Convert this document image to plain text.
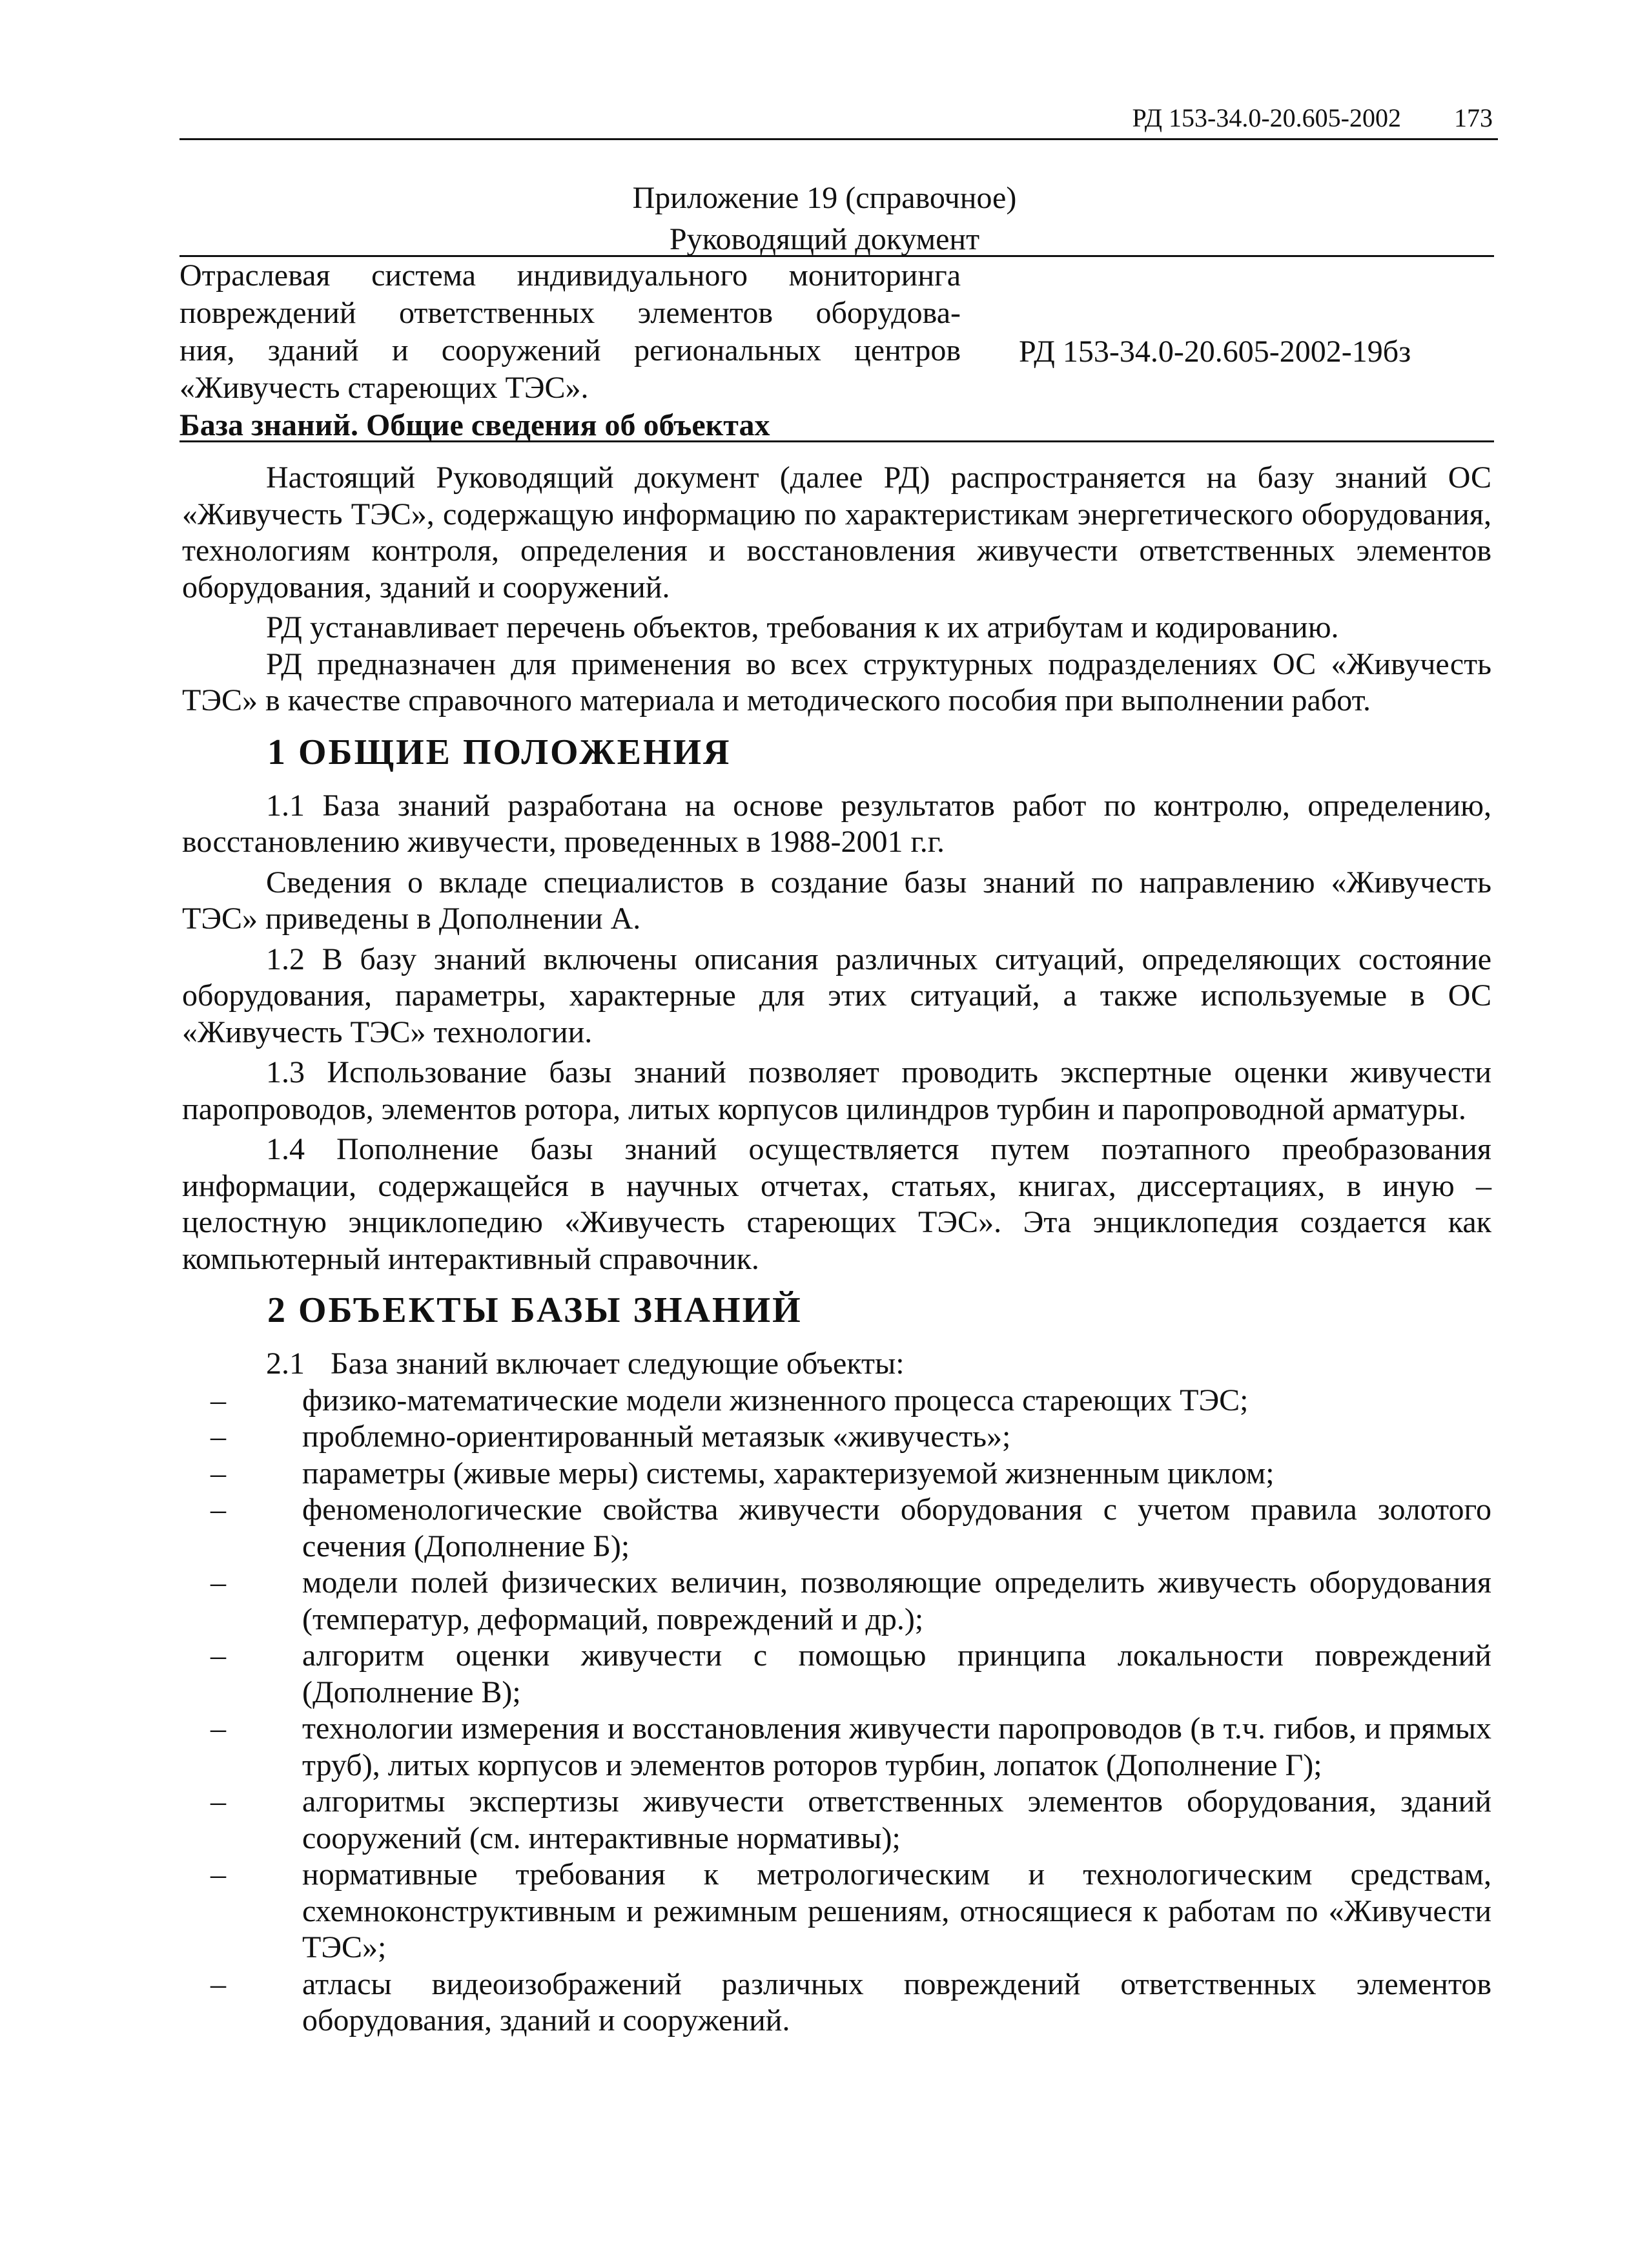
РД 153-34.0-20.605-2002 173
Приложение 19 (справочное)
Руководящий документ
Отраслевая система индивидуального мониторинга
повреждений ответственных элементов оборудова-
ния, зданий и сооружений региональных центров
«Живучесть стареющих ТЭС».
База знаний. Общие сведения об объектах
РД 153-34.0-20.605-2002-19бз

Настоящий Руководящий документ (далее РД) распространяется на базу знаний ОС «Живучесть ТЭС», содержащую информацию по характеристикам энергетического оборудования, технологиям контроля, определения и восстановления живучести ответственных элементов оборудования, зданий и сооружений.

РД устанавливает перечень объектов, требования к их атрибутам и кодированию.

РД предназначен для применения во всех структурных подразделениях ОС «Живучесть ТЭС» в качестве справочного материала и методического пособия при выполнении работ.

1 ОБЩИЕ ПОЛОЖЕНИЯ

1.1 База знаний разработана на основе результатов работ по контролю, определению, восстановлению живучести, проведенных в 1988-2001 г.г.

Сведения о вкладе специалистов в создание базы знаний по направлению «Живучесть ТЭС» приведены в Дополнении А.

1.2 В базу знаний включены описания различных ситуаций, определяющих состояние оборудования, параметры, характерные для этих ситуаций, а также используемые в ОС «Живучесть ТЭС» технологии.

1.3 Использование базы знаний позволяет проводить экспертные оценки живучести паропроводов, элементов ротора, литых корпусов цилиндров турбин и паропроводной арматуры.

1.4 Пополнение базы знаний осуществляется путем поэтапного преобразования информации, содержащейся в научных отчетах, статьях, книгах, диссертациях, в иную – целостную энциклопедию «Живучесть стареющих ТЭС». Эта энциклопедия создается как компьютерный интерактивный справочник.

2 ОБЪЕКТЫ БАЗЫ ЗНАНИЙ

2.1 База знаний включает следующие объекты:

– физико-математические модели жизненного процесса стареющих ТЭС;
– проблемно-ориентированный метаязык «живучесть»;
– параметры (живые меры) системы, характеризуемой жизненным циклом;
– феноменологические свойства живучести оборудования с учетом правила золотого сечения (Дополнение Б);
– модели полей физических величин, позволяющие определить живучесть оборудования (температур, деформаций, повреждений и др.);
– алгоритм оценки живучести с помощью принципа локальности повреждений (Дополнение В);
– технологии измерения и восстановления живучести паропроводов (в т.ч. гибов, и прямых труб), литых корпусов и элементов роторов турбин, лопаток (Дополнение Г);
– алгоритмы экспертизы живучести ответственных элементов оборудования, зданий сооружений (см. интерактивные нормативы);
– нормативные требования к метрологическим и технологическим средствам, схемноконструктивным и режимным решениям, относящиеся к работам по «Живучести ТЭС»;
– атласы видеоизображений различных повреждений ответственных элементов оборудования, зданий и сооружений.
